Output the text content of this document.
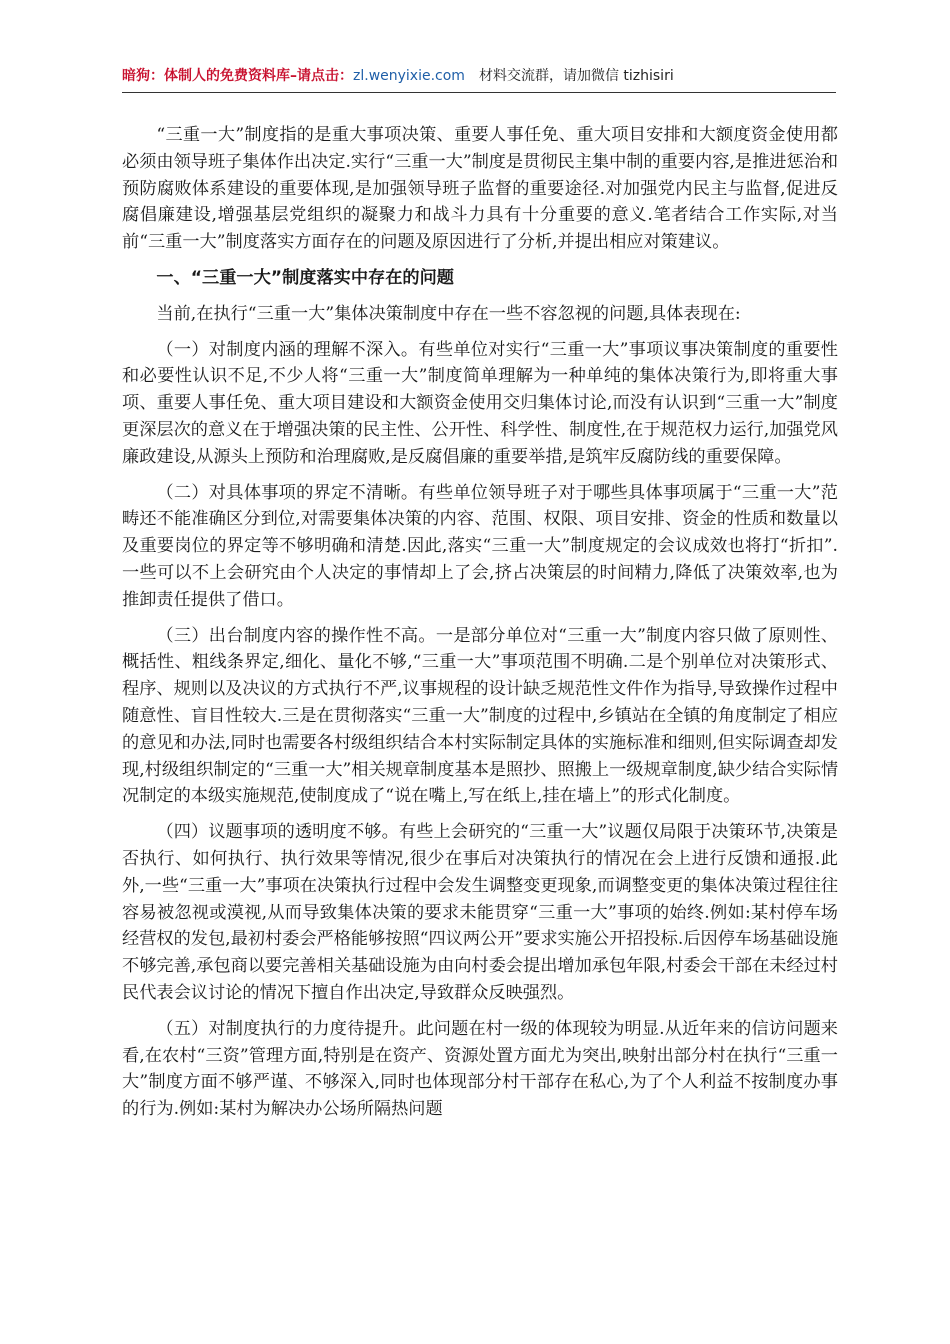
暗狗：体制人的免费资料库–请点击：zl.wenyixie.com 材料交流群，请加微信 tizhisiri

“三重一大”制度指的是重大事项决策、重要人事任免、重大项目安排和大额度资金使用都必须由领导班子集体作出决定.实行“三重一大”制度是贯彻民主集中制的重要内容,是推进惩治和预防腐败体系建设的重要体现,是加强领导班子监督的重要途径.对加强党内民主与监督,促进反腐倡廉建设,增强基层党组织的凝聚力和战斗力具有十分重要的意义.笔者结合工作实际,对当前“三重一大”制度落实方面存在的问题及原因进行了分析,并提出相应对策建议。

一、“三重一大”制度落实中存在的问题

当前,在执行“三重一大”集体决策制度中存在一些不容忽视的问题,具体表现在:

（一）对制度内涵的理解不深入。有些单位对实行“三重一大”事项议事决策制度的重要性和必要性认识不足,不少人将“三重一大”制度简单理解为一种单纯的集体决策行为,即将重大事项、重要人事任免、重大项目建设和大额资金使用交归集体讨论,而没有认识到“三重一大”制度更深层次的意义在于增强决策的民主性、公开性、科学性、制度性,在于规范权力运行,加强党风廉政建设,从源头上预防和治理腐败,是反腐倡廉的重要举措,是筑牢反腐防线的重要保障。

（二）对具体事项的界定不清晰。有些单位领导班子对于哪些具体事项属于“三重一大”范畴还不能准确区分到位,对需要集体决策的内容、范围、权限、项目安排、资金的性质和数量以及重要岗位的界定等不够明确和清楚.因此,落实“三重一大”制度规定的会议成效也将打“折扣”.一些可以不上会研究由个人决定的事情却上了会,挤占决策层的时间精力,降低了决策效率,也为推卸责任提供了借口。

（三）出台制度内容的操作性不高。一是部分单位对“三重一大”制度内容只做了原则性、概括性、粗线条界定,细化、量化不够,“三重一大”事项范围不明确.二是个别单位对决策形式、程序、规则以及决议的方式执行不严,议事规程的设计缺乏规范性文件作为指导,导致操作过程中随意性、盲目性较大.三是在贯彻落实“三重一大”制度的过程中,乡镇站在全镇的角度制定了相应的意见和办法,同时也需要各村级组织结合本村实际制定具体的实施标准和细则,但实际调查却发现,村级组织制定的“三重一大”相关规章制度基本是照抄、照搬上一级规章制度,缺少结合实际情况制定的本级实施规范,使制度成了“说在嘴上,写在纸上,挂在墙上”的形式化制度。

（四）议题事项的透明度不够。有些上会研究的“三重一大”议题仅局限于决策环节,决策是否执行、如何执行、执行效果等情况,很少在事后对决策执行的情况在会上进行反馈和通报.此外,一些“三重一大”事项在决策执行过程中会发生调整变更现象,而调整变更的集体决策过程往往容易被忽视或漠视,从而导致集体决策的要求未能贯穿“三重一大”事项的始终.例如:某村停车场经营权的发包,最初村委会严格能够按照“四议两公开”要求实施公开招投标.后因停车场基础设施不够完善,承包商以要完善相关基础设施为由向村委会提出增加承包年限,村委会干部在未经过村民代表会议讨论的情况下擅自作出决定,导致群众反映强烈。

（五）对制度执行的力度待提升。此问题在村一级的体现较为明显.从近年来的信访问题来看,在农村“三资”管理方面,特别是在资产、资源处置方面尤为突出,映射出部分村在执行“三重一大”制度方面不够严谨、不够深入,同时也体现部分村干部存在私心,为了个人利益不按制度办事的行为.例如:某村为解决办公场所隔热问题
